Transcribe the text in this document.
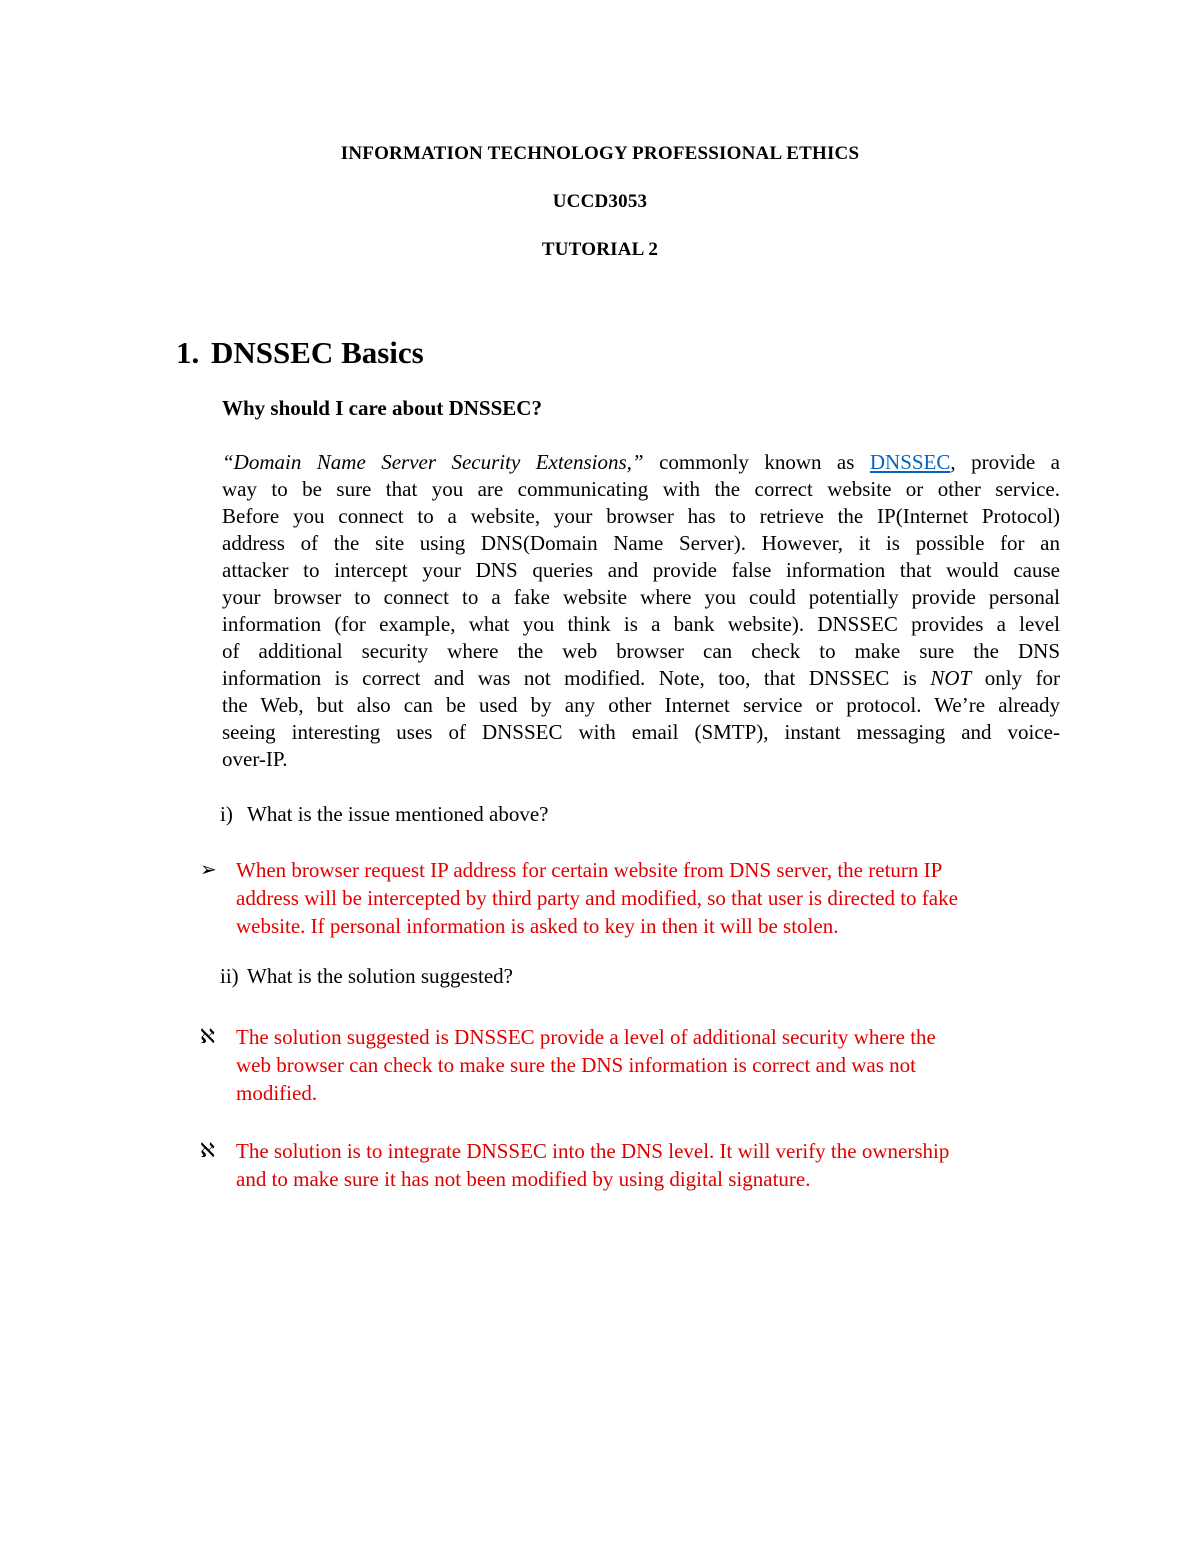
INFORMATION TECHNOLOGY PROFESSIONAL ETHICS
UCCD3053
TUTORIAL 2
1. DNSSEC Basics
Why should I care about DNSSEC?
“Domain Name Server Security Extensions,” commonly known as DNSSEC, provide a
way to be sure that you are communicating with the correct website or other service.
Before you connect to a website, your browser has to retrieve the IP(Internet Protocol)
address of the site using DNS(Domain Name Server). However, it is possible for an
attacker to intercept your DNS queries and provide false information that would cause
your browser to connect to a fake website where you could potentially provide personal
information (for example, what you think is a bank website). DNSSEC provides a level
of additional security where the web browser can check to make sure the DNS
information is correct and was not modified. Note, too, that DNSSEC is NOT only for
the Web, but also can be used by any other Internet service or protocol. We’re already
seeing interesting uses of DNSSEC with email (SMTP), instant messaging and voice-
over-IP.
i) What is the issue mentioned above?
➢ When browser request IP address for certain website from DNS server, the return IP
address will be intercepted by third party and modified, so that user is directed to fake
website. If personal information is asked to key in then it will be stolen.
ii) What is the solution suggested?
ℵ	The solution suggested is DNSSEC provide a level of additional security where the
web browser can check to make sure the DNS information is correct and was not
modified.
ℵ	The solution is to integrate DNSSEC into the DNS level. It will verify the ownership
and to make sure it has not been modified by using digital signature.
